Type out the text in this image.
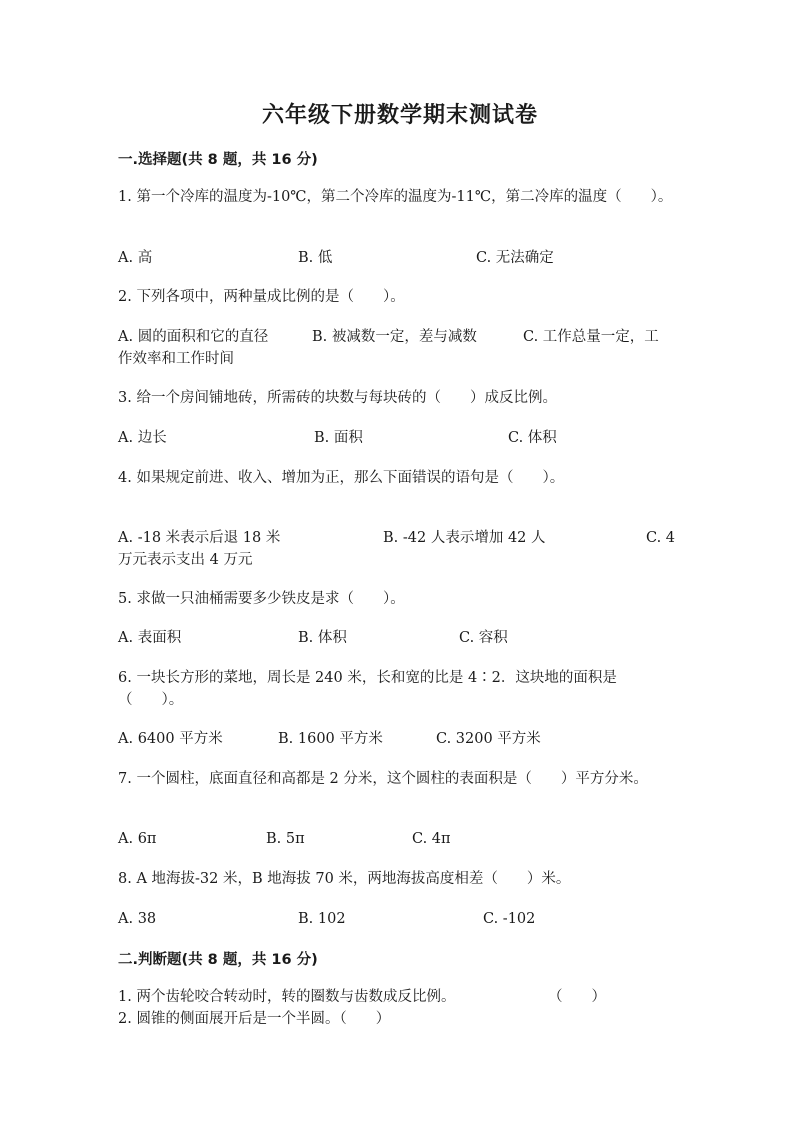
六年级下册数学期末测试卷
一.选择题(共 8 题，共 16 分)
1. 第一个冷库的温度为-10℃，第二个冷库的温度为-11℃，第二冷库的温度（　　）。
A. 高	B. 低	C. 无法确定
2. 下列各项中，两种量成比例的是（　　）。
A. 圆的面积和它的直径	B. 被减数一定，差与减数	C. 工作总量一定，工
作效率和工作时间
3. 给一个房间铺地砖，所需砖的块数与每块砖的（　　）成反比例。
A. 边长	B. 面积	C. 体积
4. 如果规定前进、收入、增加为正，那么下面错误的语句是（　　）。
A. -18 米表示后退 18 米	B. -42 人表示增加 42 人	C. 4
万元表示支出 4 万元
5. 求做一只油桶需要多少铁皮是求（　　）。
A. 表面积	B. 体积	C. 容积
6. 一块长方形的菜地，周长是 240 米，长和宽的比是 4∶2．这块地的面积是（　　）。
A. 6400 平方米	B. 1600 平方米	C. 3200 平方米
7. 一个圆柱，底面直径和高都是 2 分米，这个圆柱的表面积是（　　）平方分米。
A. 6π	B. 5π	C. 4π
8. A 地海拔-32 米，B 地海拔 70 米，两地海拔高度相差（　　）米。
A. 38	B. 102	C. -102
二.判断题(共 8 题，共 16 分)
1. 两个齿轮咬合转动时，转的圈数与齿数成反比例。	（　　）
2. 圆锥的侧面展开后是一个半圆。（　　）
